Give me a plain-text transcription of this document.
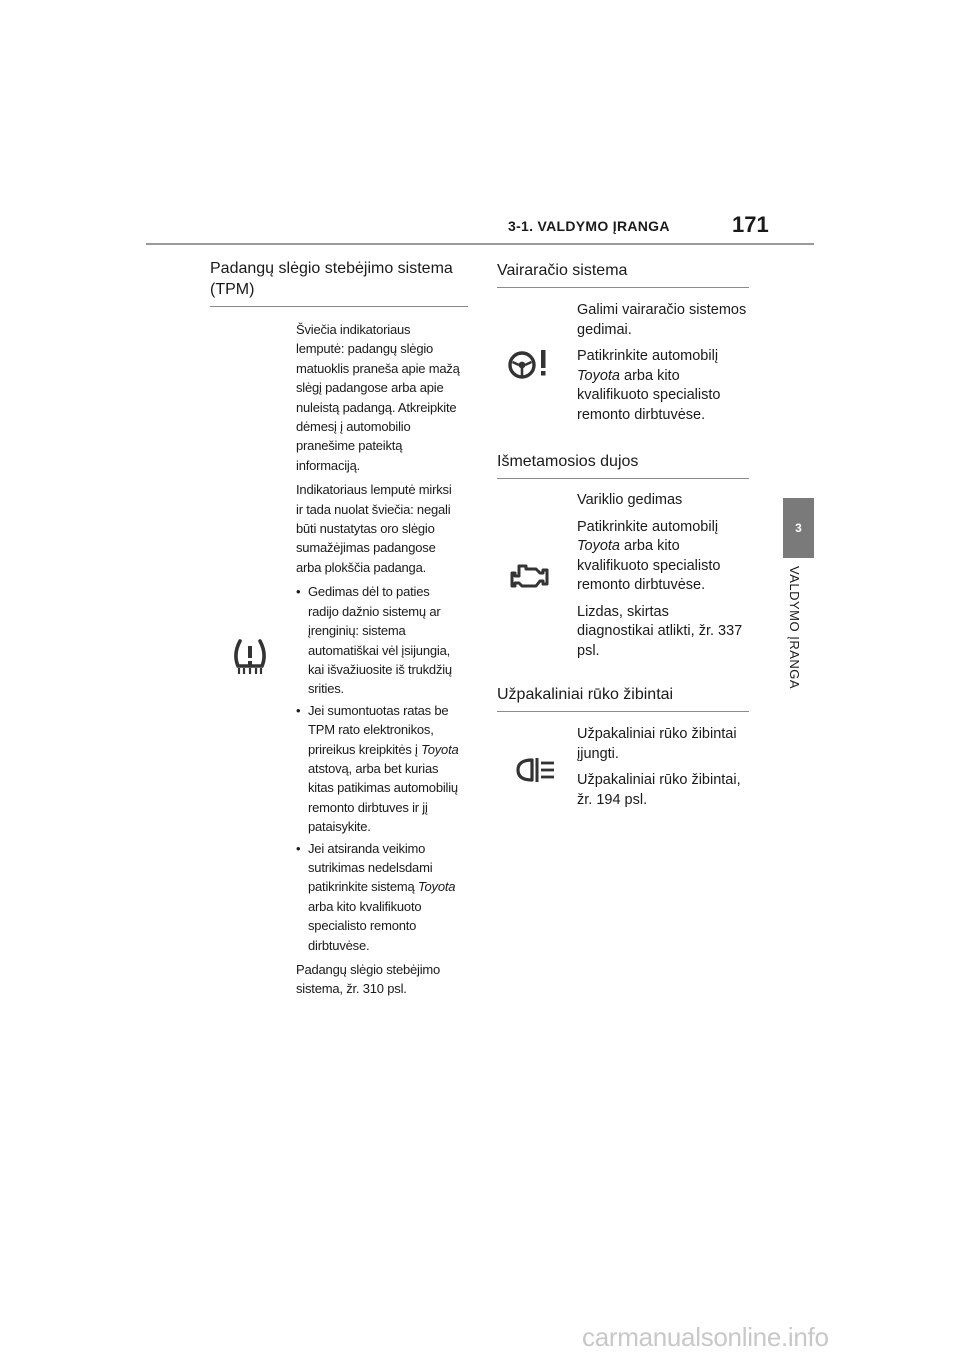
3-1. VALDYMO ĮRANGA	171
3
VALDYMO ĮRANGA
Padangų slėgio stebėjimo sistema
(TPM)

Šviečia indikatoriaus
lemputė: padangų slėgio
matuoklis praneša apie mažą
slėgį padangose arba apie
nuleistą padangą. Atkreipkite
dėmesį į automobilio
pranešime pateiktą
informaciją.

Indikatoriaus lemputė mirksi
ir tada nuolat šviečia: negali
būti nustatytas oro slėgio
sumažėjimas padangose
arba plokščia padanga.

• Gedimas dėl to paties
radijo dažnio sistemų ar
įrenginių: sistema
automatiškai vėl įsijungia,
kai išvažiuosite iš trukdžių
srities.
• Jei sumontuotas ratas be
TPM rato elektronikos,
prireikus kreipkitės į Toyota
atstovą, arba bet kurias
kitas patikimas automobilių
remonto dirbtuves ir jį
pataisykite.
• Jei atsiranda veikimo
sutrikimas nedelsdami
patikrinkite sistemą Toyota
arba kito kvalifikuoto
specialisto remonto
dirbtuvėse.

Padangų slėgio stebėjimo
sistema, žr. 310 psl.

Vairaračio sistema

Galimi vairaračio sistemos
gedimai.

Patikrinkite automobilį
Toyota arba kito
kvalifikuoto specialisto
remonto dirbtuvėse.

Išmetamosios dujos

Variklio gedimas

Patikrinkite automobilį
Toyota arba kito
kvalifikuoto specialisto
remonto dirbtuvėse.

Lizdas, skirtas
diagnostikai atlikti, žr. 337
psl.

Užpakaliniai rūko žibintai

Užpakaliniai rūko žibintai
įjungti.

Užpakaliniai rūko žibintai,
žr. 194 psl.

carmanualsonline.info
